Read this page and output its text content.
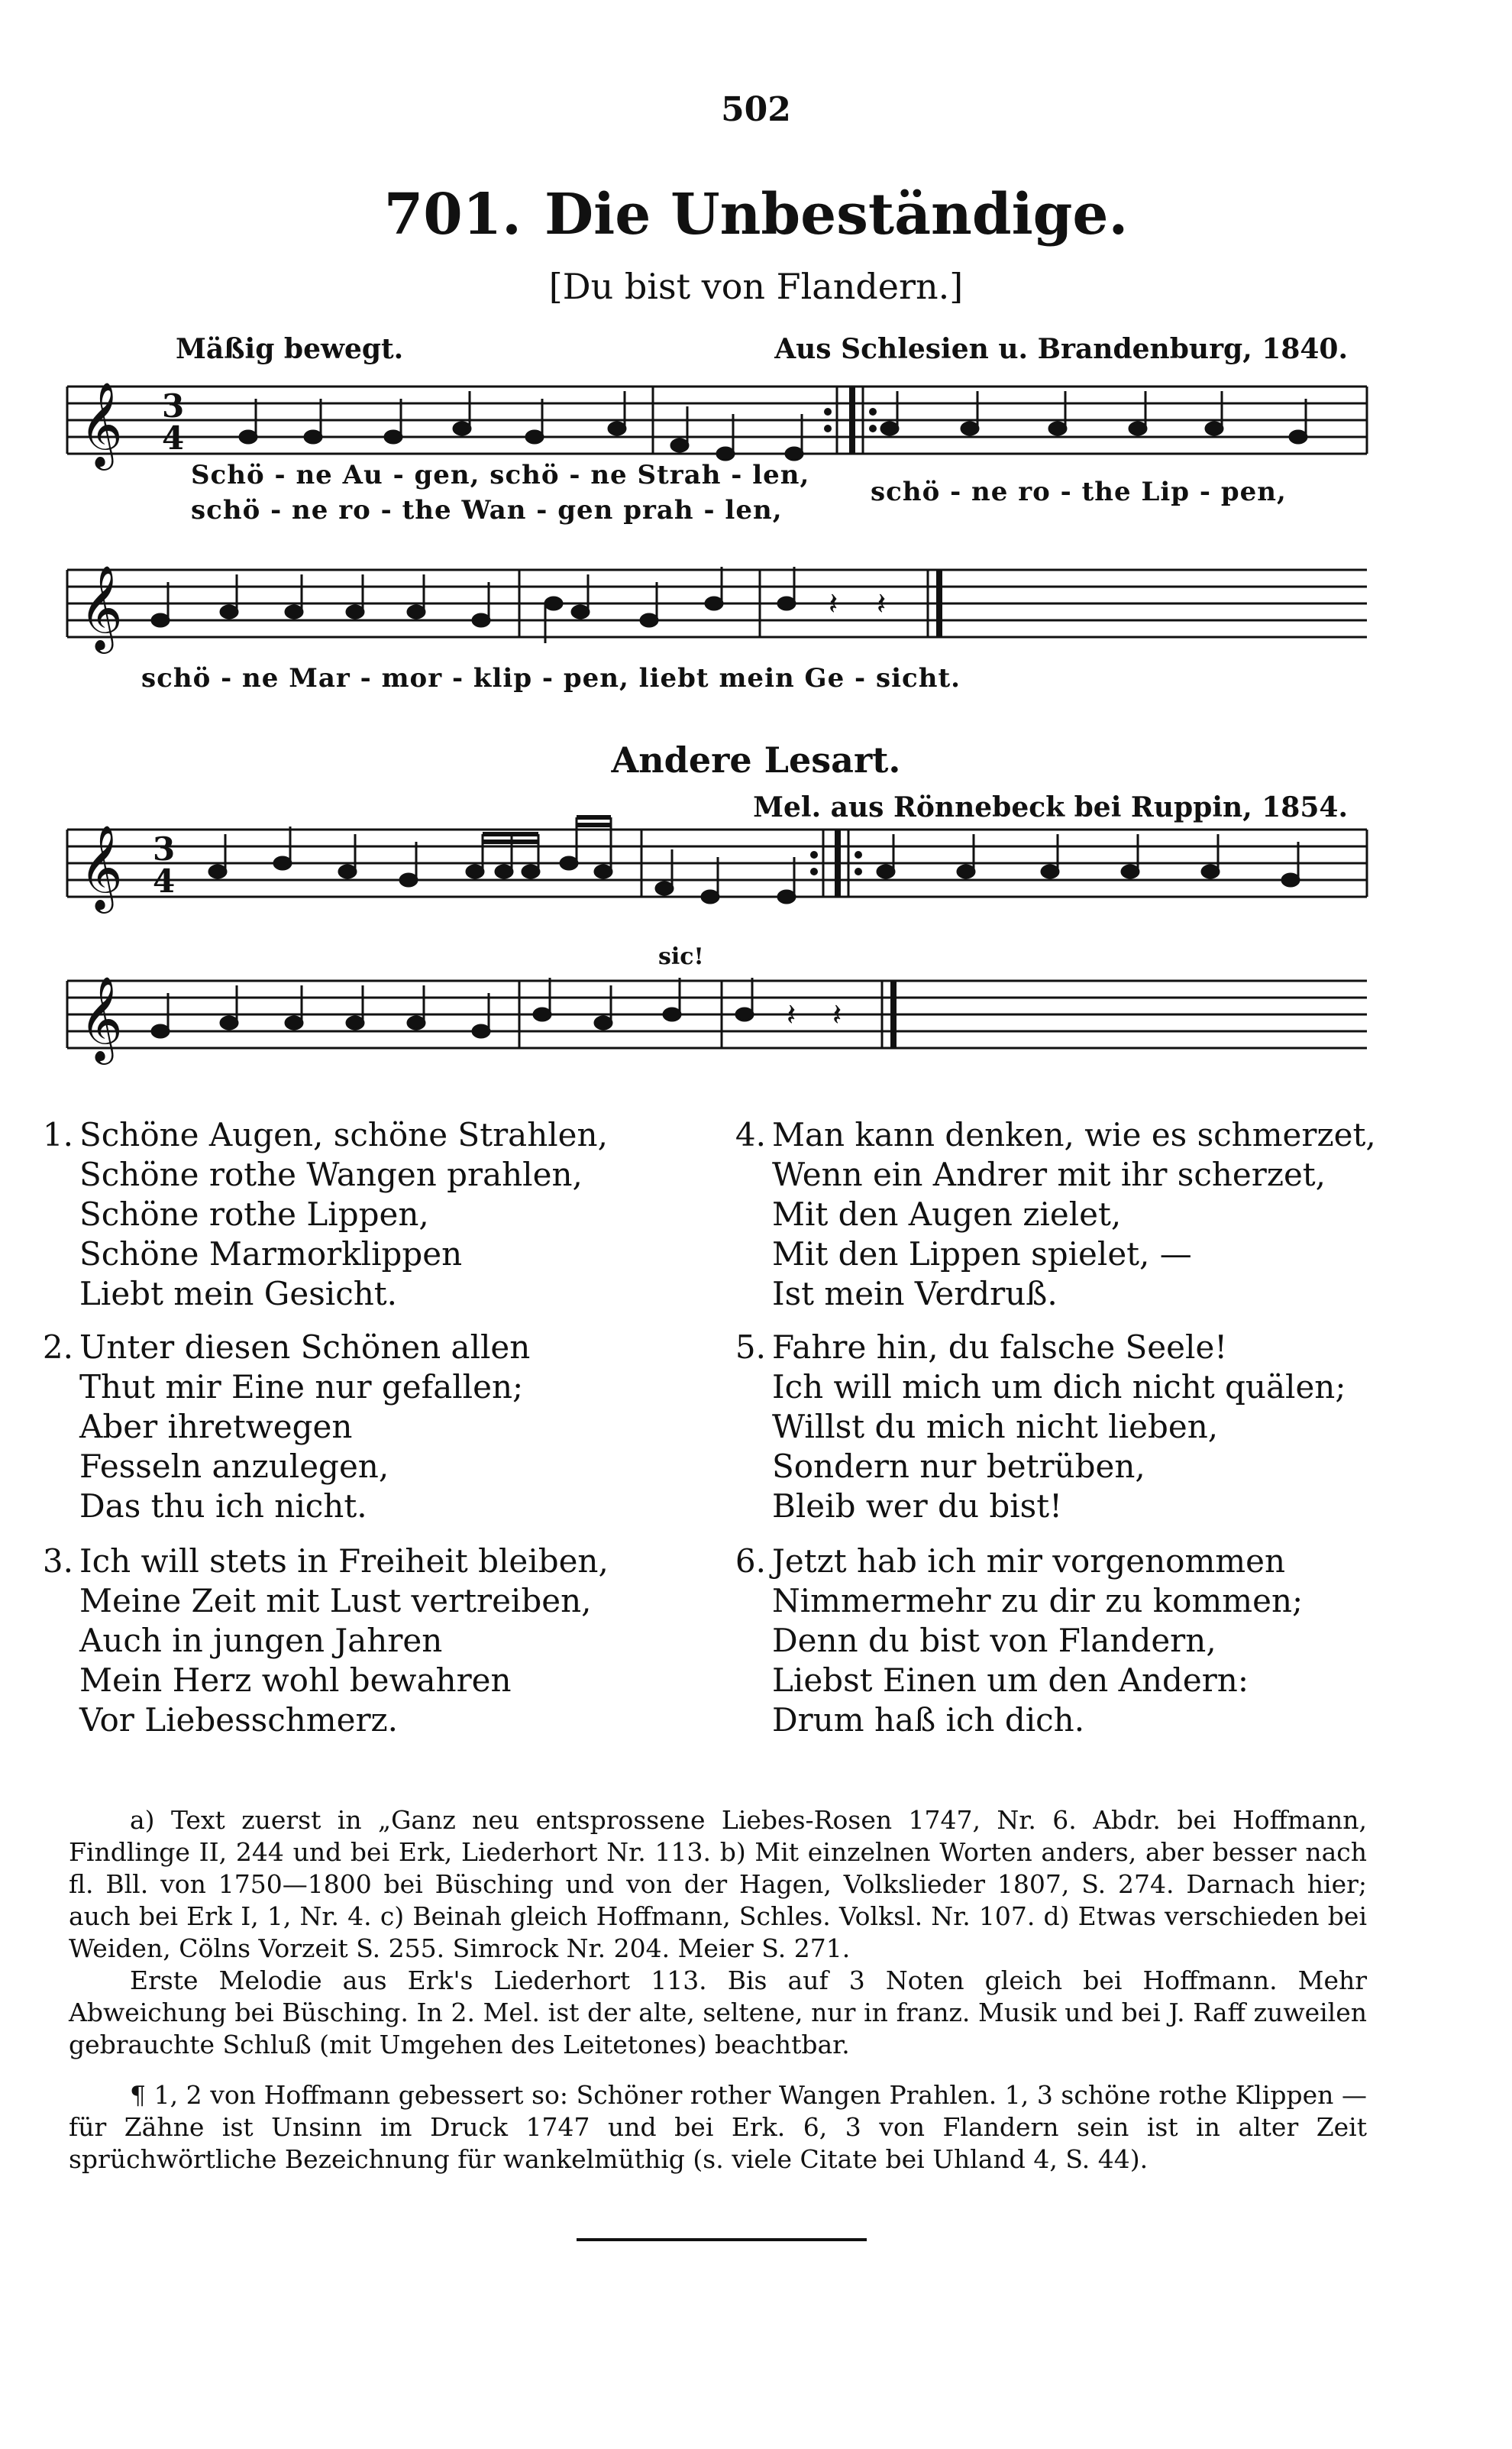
502
701. Die Unbeständige.
[Du bist von Flandern.]
Mäßig bewegt.	Aus Schlesien u. Brandenburg, 1840.
𝄞 3
4
Schö - ne Au - gen, schö - ne Strah - len,
schö - ne ro - the Wan - gen prah - len,
schö - ne ro - the Lip - pen,
𝄞	𝄽 𝄽
schö - ne Mar - mor - klip - pen, liebt mein Ge - sicht.
Andere Lesart.
Mel. aus Rönnebeck bei Ruppin, 1854.
𝄞 3
4
sic!
𝄞	𝄽 𝄽
1. Schöne Augen, schöne Strahlen,
Schöne rothe Wangen prahlen,
Schöne rothe Lippen,
Schöne Marmorklippen
Liebt mein Gesicht.
2. Unter diesen Schönen allen
Thut mir Eine nur gefallen;
Aber ihretwegen
Fesseln anzulegen,
Das thu ich nicht.
3. Ich will stets in Freiheit bleiben,
Meine Zeit mit Lust vertreiben,
Auch in jungen Jahren
Mein Herz wohl bewahren
Vor Liebesschmerz.
4. Man kann denken, wie es schmerzet,
Wenn ein Andrer mit ihr scherzet,
Mit den Augen zielet,
Mit den Lippen spielet, —
Ist mein Verdruß.
5. Fahre hin, du falsche Seele!
Ich will mich um dich nicht quälen;
Willst du mich nicht lieben,
Sondern nur betrüben,
Bleib wer du bist!
6. Jetzt hab ich mir vorgenommen
Nimmermehr zu dir zu kommen;
Denn du bist von Flandern,
Liebst Einen um den Andern:
Drum haß ich dich.

a) Text zuerst in „Ganz neu entsprossene Liebes-Rosen 1747, Nr. 6. Abdr. bei Hoffmann, Findlinge II, 244 und bei Erk, Liederhort Nr. 113. b) Mit einzelnen Worten anders, aber besser nach fl. Bll. von 1750—1800 bei Büsching und von der Hagen, Volkslieder 1807, S. 274. Darnach hier; auch bei Erk I, 1, Nr. 4. c) Beinah gleich Hoffmann, Schles. Volksl. Nr. 107. d) Etwas verschieden bei Weiden, Cölns Vorzeit S. 255. Simrock Nr. 204. Meier S. 271.

Erste Melodie aus Erk's Liederhort 113. Bis auf 3 Noten gleich bei Hoffmann. Mehr Abweichung bei Büsching. In 2. Mel. ist der alte, seltene, nur in franz. Musik und bei J. Raff zuweilen gebrauchte Schluß (mit Umgehen des Leitetones) beachtbar.

¶ 1, 2 von Hoffmann gebessert so: Schöner rother Wangen Prahlen. 1, 3 schöne rothe Klippen — für Zähne ist Unsinn im Druck 1747 und bei Erk. 6, 3 von Flandern sein ist in alter Zeit sprüchwörtliche Bezeichnung für wankelmüthig (s. viele Citate bei Uhland 4, S. 44).
